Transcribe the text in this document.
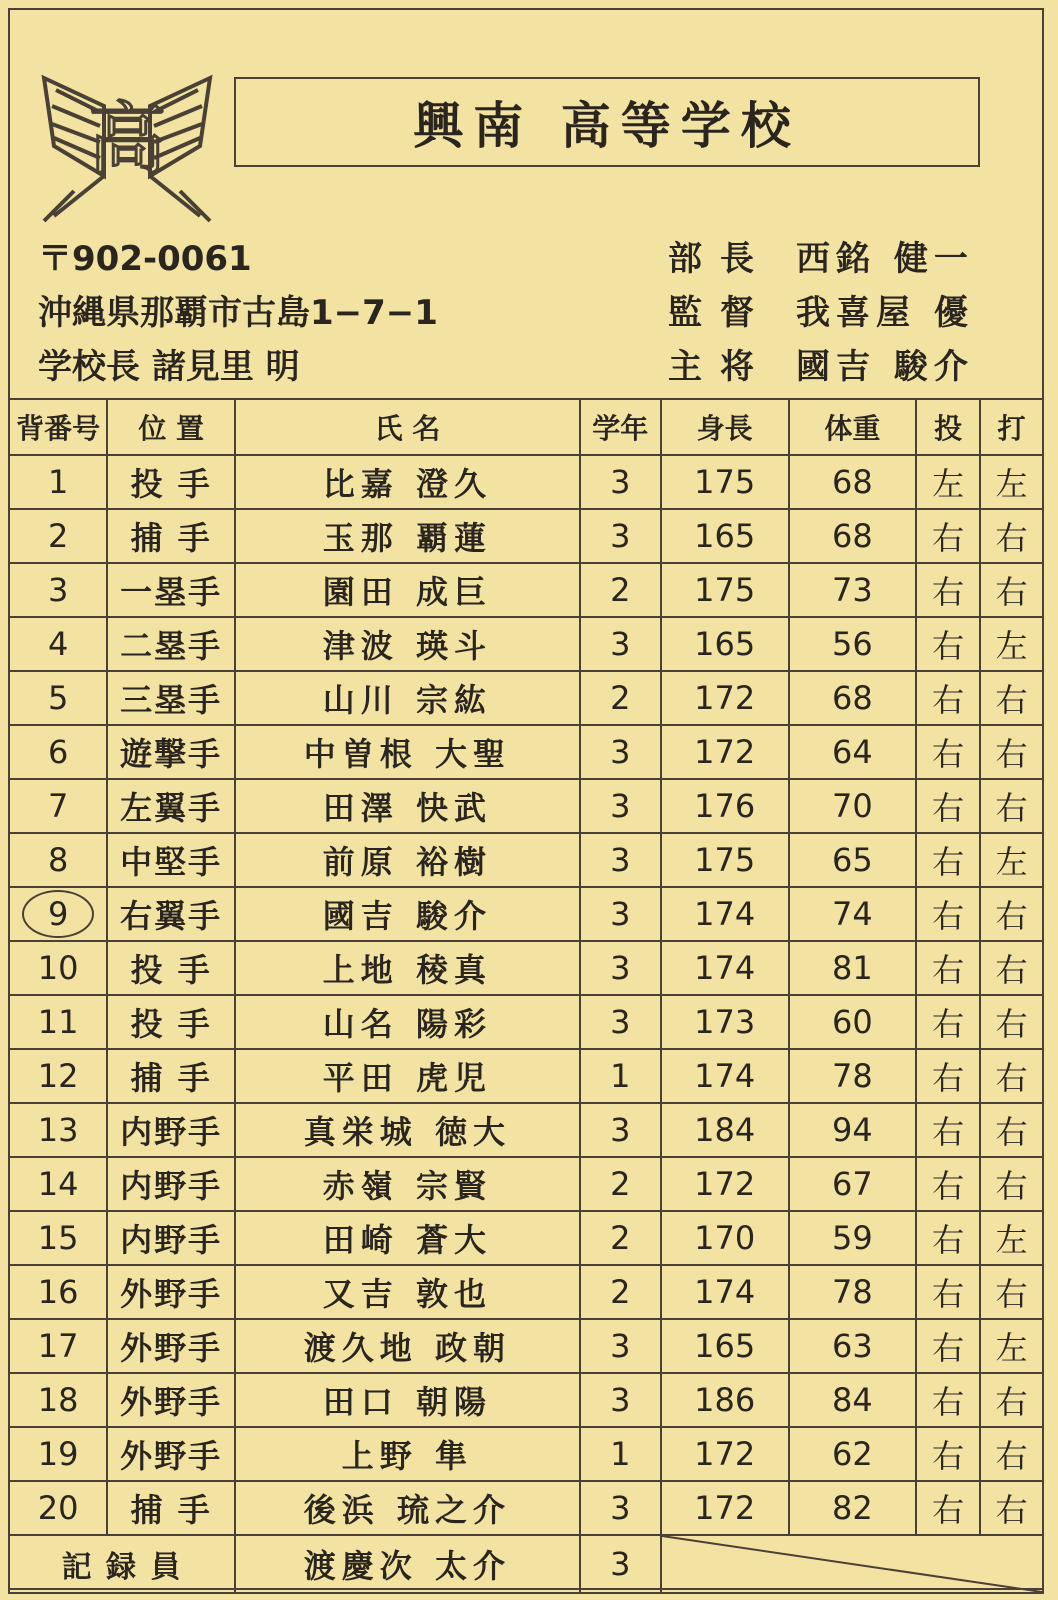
高	興南 高等学校
〒902-0061
沖縄県那覇市古島1−7−1
学校長 諸見里 明
部長 西銘 健一
監督 我喜屋 優
主将 國吉 駿介
背番号	位 置	氏 名	学年	身長	体重	投	打
1	投 手	比嘉 澄久	3	175	68	左	左
2	捕 手	玉那 覇蓮	3	165	68	右	右
3	一塁手	園田 成巨	2	175	73	右	右
4	二塁手	津波 瑛斗	3	165	56	右	左
5	三塁手	山川 宗紘	2	172	68	右	右
6	遊撃手	中曽根 大聖	3	172	64	右	右
7	左翼手	田澤 快武	3	176	70	右	右
8	中堅手	前原 裕樹	3	175	65	右	左
9	右翼手	國吉 駿介	3	174	74	右	右
10	投 手	上地 稜真	3	174	81	右	右
11	投 手	山名 陽彩	3	173	60	右	右
12	捕 手	平田 虎児	1	174	78	右	右
13	内野手	真栄城 徳大	3	184	94	右	右
14	内野手	赤嶺 宗賢	2	172	67	右	右
15	内野手	田崎 蒼大	2	170	59	右	左
16	外野手	又吉 敦也	2	174	78	右	右
17	外野手	渡久地 政朝	3	165	63	右	左
18	外野手	田口 朝陽	3	186	84	右	右
19	外野手	上野 隼	1	172	62	右	右
20	捕 手	後浜 琉之介	3	172	82	右	右
記 録 員		渡慶次 太介	3	
